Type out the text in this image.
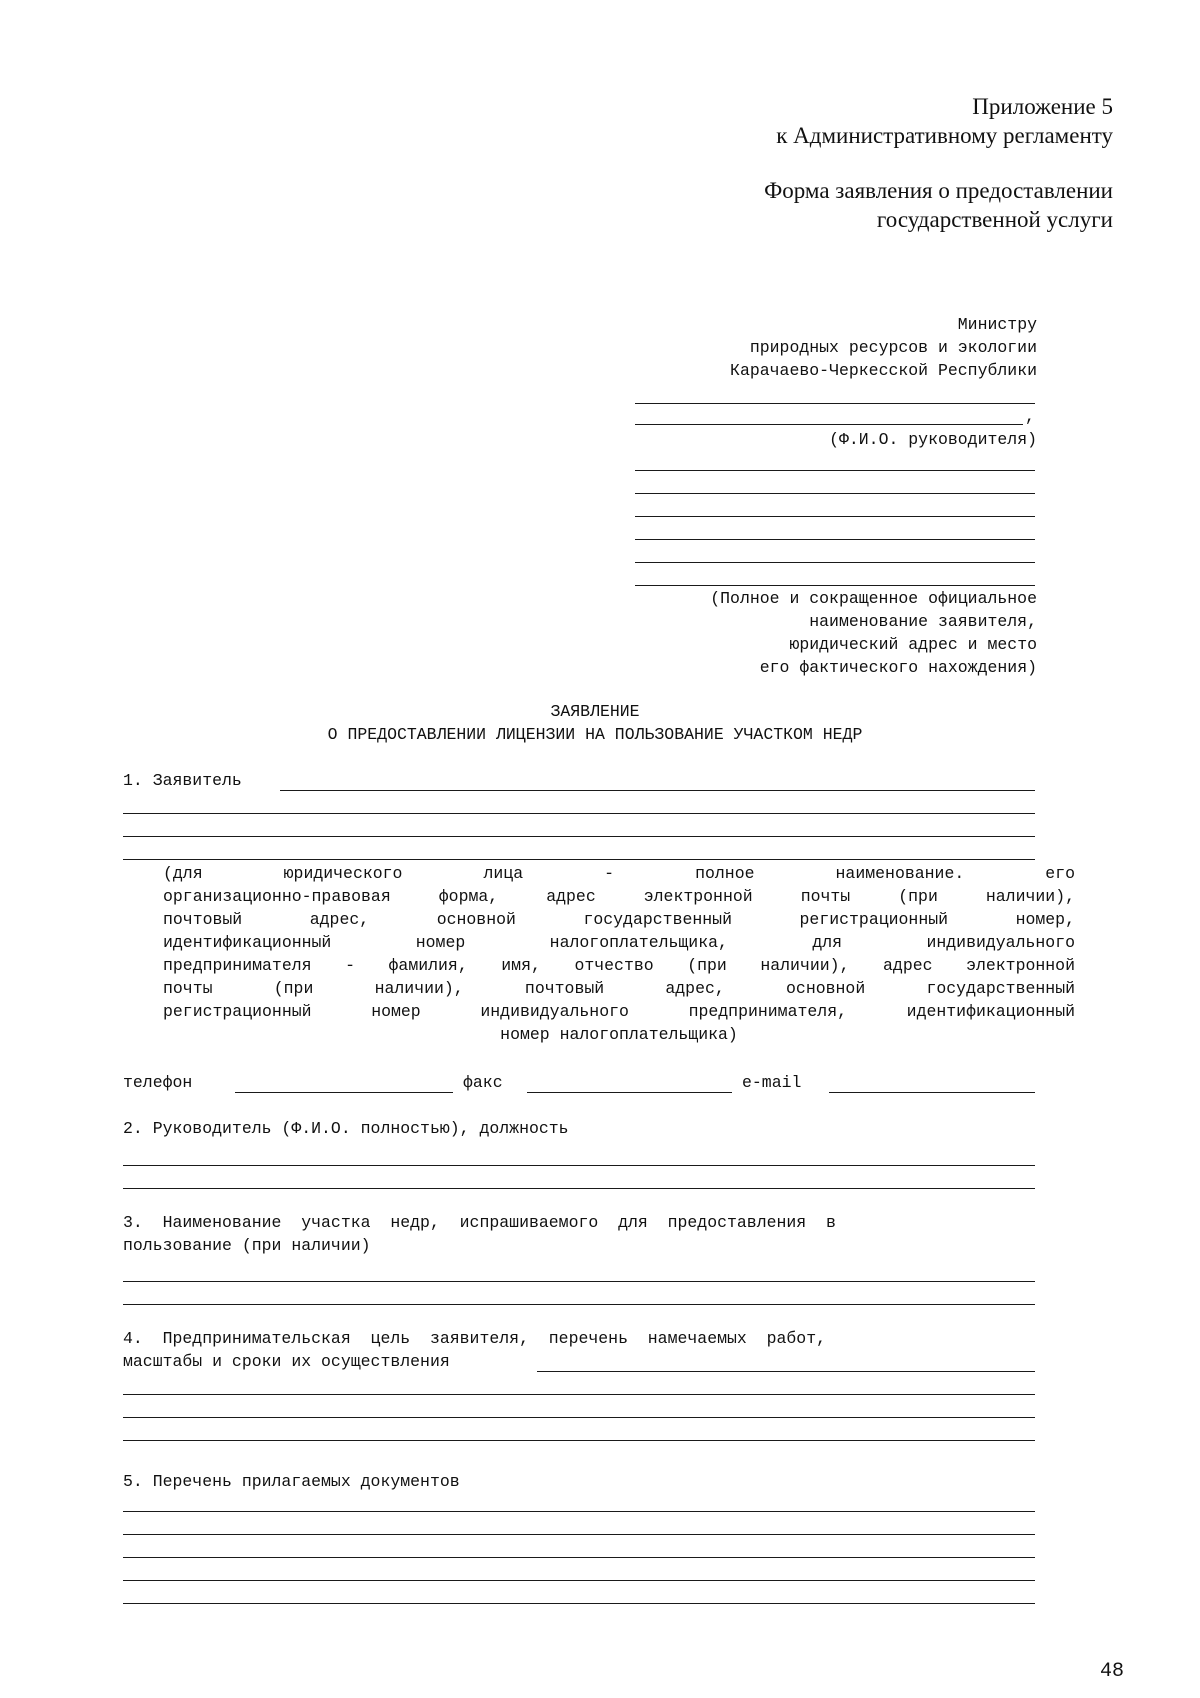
Приложение 5
к Административному регламенту
Форма заявления о предоставлении
государственной услуги
Министру
природных ресурсов и экологии
Карачаево-Черкесской Республики
,
(Ф.И.О. руководителя)
(Полное и сокращенное официальное
наименование заявителя,
юридический адрес и место
его фактического нахождения)
ЗАЯВЛЕНИЕ
О ПРЕДОСТАВЛЕНИИ ЛИЦЕНЗИИ НА ПОЛЬЗОВАНИЕ УЧАСТКОМ НЕДР
1. Заявитель
(для юридического лица - полное наименование. его
организационно-правовая форма, адрес электронной почты (при наличии),
почтовый адрес, основной государственный регистрационный номер,
идентификационный номер налогоплательщика, для индивидуального
предпринимателя - фамилия, имя, отчество (при наличии), адрес электронной
почты (при наличии), почтовый адрес, основной государственный
регистрационный номер индивидуального предпринимателя, идентификационный
номер налогоплательщика)
телефон	факс	e-mail
2. Руководитель (Ф.И.О. полностью), должность
3.  Наименование  участка  недр,  испрашиваемого  для  предоставления  в
пользование (при наличии)
4.  Предпринимательская  цель  заявителя,  перечень  намечаемых  работ,
масштабы и сроки их осуществления
5. Перечень прилагаемых документов
48
